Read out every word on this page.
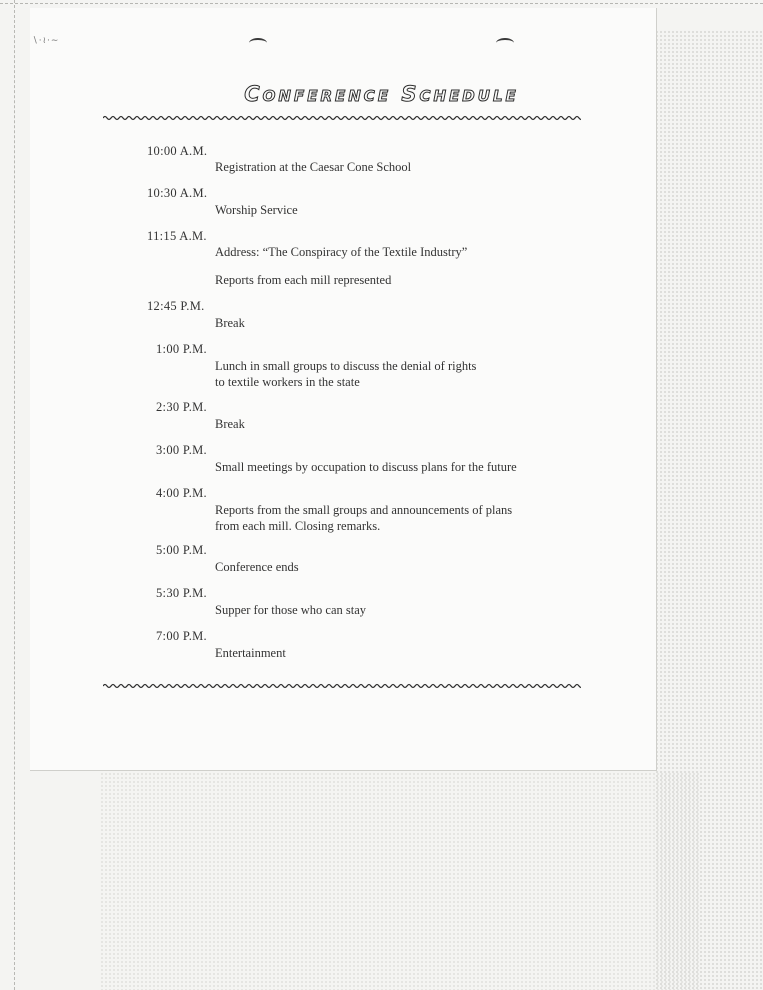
∖·≀·∼
Conference Schedule
10:00 A.M.
Registration at the Caesar Cone School
10:30 A.M.
Worship Service
11:15 A.M.
Address: “The Conspiracy of the Textile Industry”
Reports from each mill represented
12:45 P.M.
Break
1:00 P.M.
Lunch in small groups to discuss the denial of rights
to textile workers in the state
2:30 P.M.
Break
3:00 P.M.
Small meetings by occupation to discuss plans for the future
4:00 P.M.
Reports from the small groups and announcements of plans
from each mill. Closing remarks.
5:00 P.M.
Conference ends
5:30 P.M.
Supper for those who can stay
7:00 P.M.
Entertainment
